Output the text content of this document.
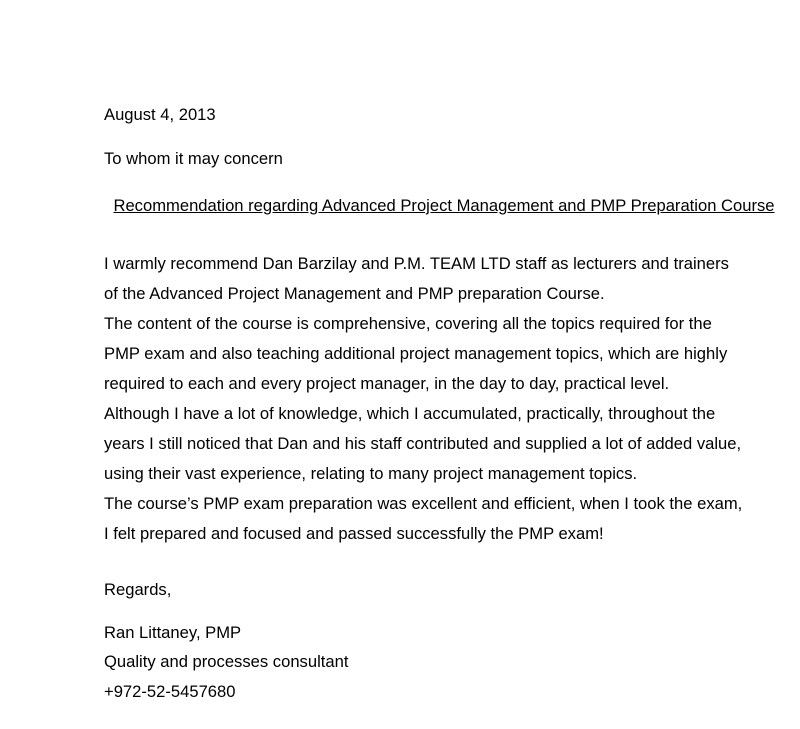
August 4, 2013
To whom it may concern
Recommendation regarding Advanced Project Management and PMP Preparation Course
I warmly recommend Dan Barzilay and P.M. TEAM LTD staff as lecturers and trainers
of the Advanced Project Management and PMP preparation Course.
The content of the course is comprehensive, covering all the topics required for the
PMP exam and also teaching additional project management topics, which are highly
required to each and every project manager, in the day to day, practical level.
Although I have a lot of knowledge, which I accumulated, practically, throughout the
years I still noticed that Dan and his staff contributed and supplied a lot of added value,
using their vast experience, relating to many project management topics.
The course’s PMP exam preparation was excellent and efficient, when I took the exam,
I felt prepared and focused and passed successfully the PMP exam!
Regards,
Ran Littaney, PMP
Quality and processes consultant
+972-52-5457680
